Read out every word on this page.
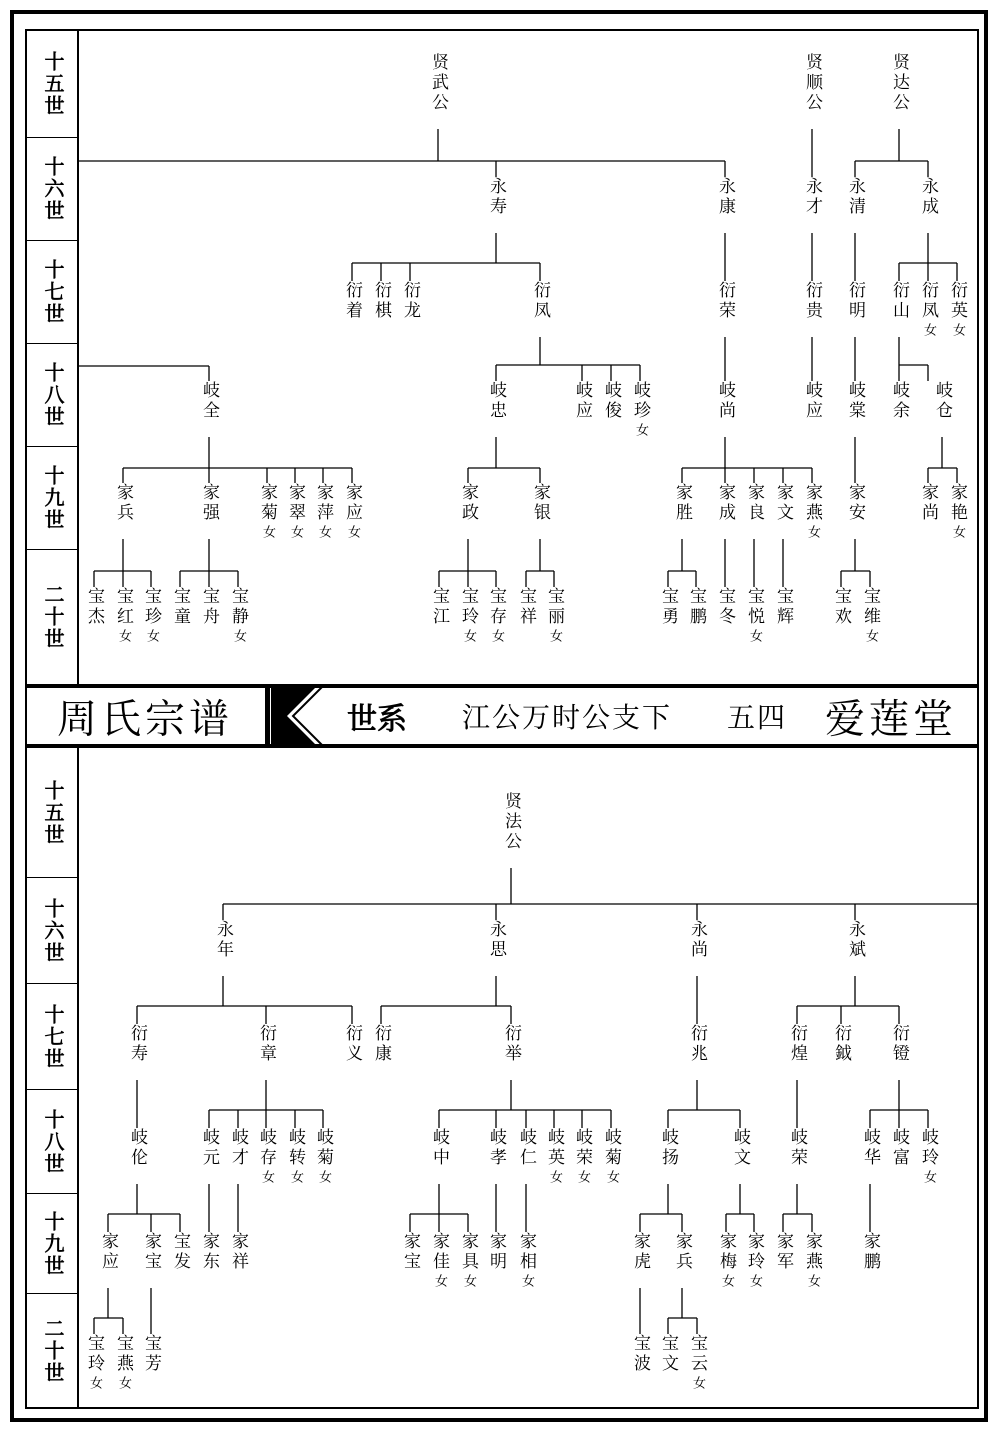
十五世
十六世
十七世
十八世
十九世
二十世
贤武公	贤顺公	贤达公
永寿	永康	永才 永清	永成
衍着 衍棋 衍龙	衍凤	衍荣	衍贵 衍明 衍山 衍凤女
衍英女
岐全	岐忠	岐应 岐俊 岐珍女
岐尚	岐应 岐棠 岐余 岐仓
家兵	家强 家菊女
家翠女
家萍女
家应女
家政	家银	家胜 家成 家良 家文 家燕女
家安	家尚 家艳女
宝杰 宝红女
宝珍女
宝童 宝舟 宝静女
宝江 宝玲女
宝存女
宝祥 宝丽女
宝勇 宝鹏 宝冬 宝悦女
宝辉 宝欢 宝维女
周氏宗谱	世系 江公万时公支下 五四 爱莲堂
十五世
十六世
十七世
十八世
十九世
二十世
贤法公
永年	永思	永尚	永斌
衍寿	衍章	衍义 衍康	衍举	衍兆	衍煌 衍鉞 衍镫
岐伦	岐元 岐才 岐存女
岐转女
岐菊女
岐中 岐孝 岐仁 岐英女
岐荣女
岐菊女
岐扬	岐文 岐荣	岐华 岐富 岐玲女
家应 家宝 宝发 家东 家祥	家宝 家佳女
家具女
家明 家相女
家虎 家兵 家梅女
家玲女
家军 家燕女
家鹏
宝玲女
宝燕女
宝芳	宝波 宝文 宝云女
